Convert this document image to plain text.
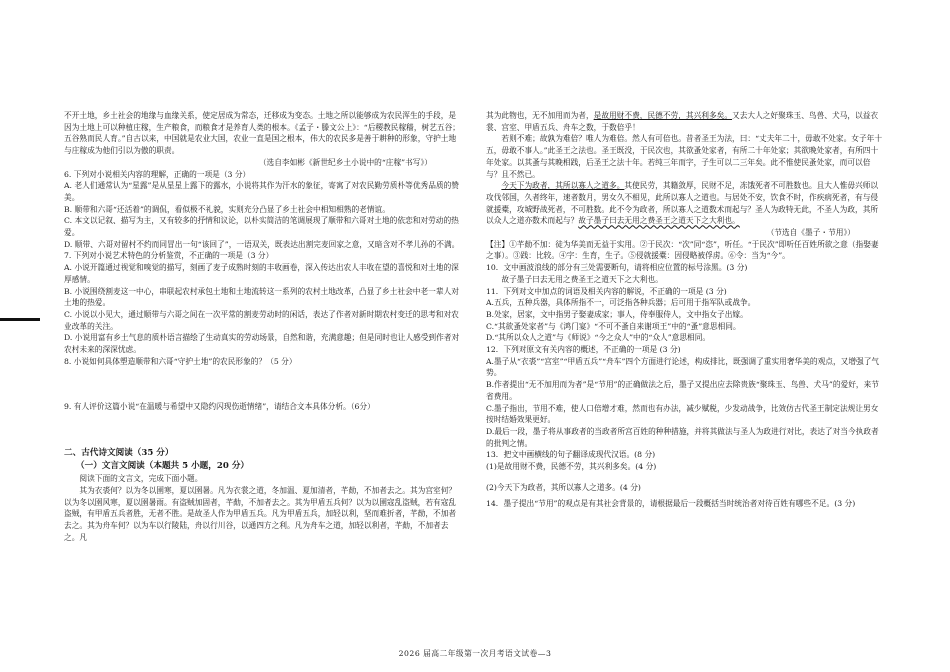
不开土地，乡土社会的地缘与血缘关系，使定居成为常态，迁移成为变态。土地之所以能够成为农民浑生的手段，是因为土地上可以种植庄稼，生产粮食，而粮食才是养育人类的根本。《孟子・滕文公上》：“后稷教民稼穑，树艺五谷；五谷熟而民人育。”自古以来，中国就是农业大国，农业一直是国之根本，伟大的农民多是善于耕种的形象，守护土地与庄稼成为他们引以为傲的职责。

（选自李如彬《新世纪乡土小说中的“庄稼”书写》）

6. 下列对小说相关内容的理解，正确的一项是（3 分）

A. 老人们通常认为“星露”是从星星上露下的露水，小说将其作为汗水的象征，寄寓了对农民勤劳质朴等优秀品质的赞美。

B. 顺带和六哥“还活着”的调侃，看似极不礼貌，实则充分凸显了乡土社会中相知相熟的老情谊。

C. 本文以记叙、描写为主，又有较多的抒情和议论，以朴实简洁的笔调展现了顺带和六哥对土地的依恋和对劳动的热爱。

D. 顺带、六哥对留村不约而同冒出一句“该回了”，一语双关，既表达出割完麦回家之意，又暗含对不孝儿孙的不满。

7. 下列对小说艺术特色的分析鉴赏，不正确的一项是（3 分）

A. 小说开篇通过视觉和嗅觉的描写，刻画了麦子成熟时刻的丰收画卷，深入传达出农人丰收在望的喜悦和对土地的深厚感情。

B. 小说围绕割麦这一中心，串联起农村承包土地和土地流转这一系列的农村土地改革，凸显了乡土社会中老一辈人对土地的热爱。

C. 小说以小见大，通过顺带与六哥之间在一次平常的割麦劳动时的闲话，表达了作者对新时期农村变迁的思考和对农业改革的关注。

D. 小说用富有乡土气息的质朴语言描绘了生动真实的劳动场景，自然和谐，充满意趣；但是同时也让人感受到作者对农村未来的深深忧虑。

8. 小说如何具体塑造顺带和六哥“守护土地”的农民形象的？（5 分）

9. 有人评价这篇小说“在温暖与希望中又隐约闪现伤逝情绪”，请结合文本具体分析。（6分）

二、古代诗文阅读（35 分）

（一）文言文阅读（本题共 5 小题，20 分）

阅读下面的文言文，完成下面小题。

其为衣裘何？以为冬以圉寒，夏以圉暑。凡为衣裳之道，冬加温、夏加清者，芊𪟝，不加者去之。其为宫室何？以为冬以圉风寒，夏以圉暑雨。有盗贼加固者，芊𪟝，不加者去之。其为甲盾五兵何？以为以圉寇乱盗贼，若有寇乱盗贼，有甲盾五兵者胜，无者不胜。是故圣人作为甲盾五兵。凡为甲盾五兵，加轻以利，坚而难折者，芊𪟝，不加者去之。其为舟车何？以为车以行陵陆，舟以行川谷，以通四方之利。凡为舟车之道，加轻以利者，芊𪟝，不加者去之。凡

其为此物也，无不加用而为者，是故用财不费，民德不劳，其兴利多矣。又去大人之好聚珠玉、鸟兽、犬马，以益衣裳、宫室、甲盾五兵、舟车之数，于数倍乎！

若则不难；故孰为难倍？唯人为难倍。然人有可倍也。昔者圣王为法，曰：“丈夫年二十，毋敢不处家。女子年十五，毋敢不事人。”此圣王之法也。圣王既没，于民次也，其欲蚤处家者，有所二十年处家；其欲晚处家者，有所四十年处家。以其蚤与其晚相践，后圣王之法十年。若纯三年而字，子生可以二三年矣。此不惟使民蚤处家，而可以倍与？且不然已。

今天下为政者，其所以寡人之道多。其使民劳，其籍敛厚，民财不足，冻饿死者不可胜数也。且大人惟毋兴师以攻伐邻国，久者终年，速者数月，男女久不相见，此所以寡人之道也。与居处不安，饮食不时，作疾病死者，有与侵就援橐，攻城野战死者，不可胜数。此不令为政者，所以寡人之道数术而起与？圣人为政特无此，不圣人为政，其所以众人之道亦数术而起与？故子墨子曰去无用之费圣王之道天下之大利也。

（节选自《墨子・节用》）

【注】①芊𪟝不加：徒为华美而无益于实用。②于民次：“次”同“恣”，听任。“于民次”即听任百姓所欲之意（指娶妻之事）。③践：比较。④字：生育，生子。⑤侵就援橐：因侵略被俘虏。⑥令：当为“今”。

10．文中画波浪线的部分有三处需要断句，请将相应位置的标号涂黑。(3 分)

故子墨子曰去无用之费圣王之道天下之大利也。

11．下列对文中加点的词语及相关内容的解说，不正确的一项是 (3 分)

A.五兵，五种兵器，具体所指不一，可泛指各种兵器；后可用于指军队或战争。

B.处家，居家，文中指男子娶妻成家；事人，侍奉服侍人，文中指女子出嫁。

C.“其欲蚤处家者”与《鸿门宴》“不可不蚤自来谢项王”中的“蚤”意思相同。

D.“其所以众人之道”与《师说》“今之众人”中的“众人”意思相同。

12．下列对原文有关内容的概述，不正确的一项是 (3 分)

A.墨子从“衣裘”“宫室”“甲盾五兵”“舟车”四个方面进行论述，构成排比，既强调了重实用奢华美的观点，又增强了气势。

B.作者提出“无不加用而为者”是“节用”的正确做法之后，墨子又提出应去除贵族“聚珠玉、鸟兽、犬马”的爱好，来节省费用。

C.墨子指出，节用不难，使人口倍增才难，然而也有办法，减少赋税，少发动战争，比效仿古代圣王制定法规让男女按时结婚效果更好。

D.最后一段，墨子将从事政者的当政者所宫百姓的种种措施，并将其做法与圣人为政进行对比，表达了对当今执政者的批判之情。

13．把文中画横线的句子翻译成现代汉语。(8 分)

(1)是故用财不费，民德不劳，其兴利多矣。(4 分)

(2)今天下为政者，其所以寡人之道多。(4 分)

14．墨子提出“节用”的观点是有其社会背景的，请根据最后一段概括当时统治者对待百姓有哪些不足。(3 分)

2026 届高二年级第一次月考语文试卷—3
